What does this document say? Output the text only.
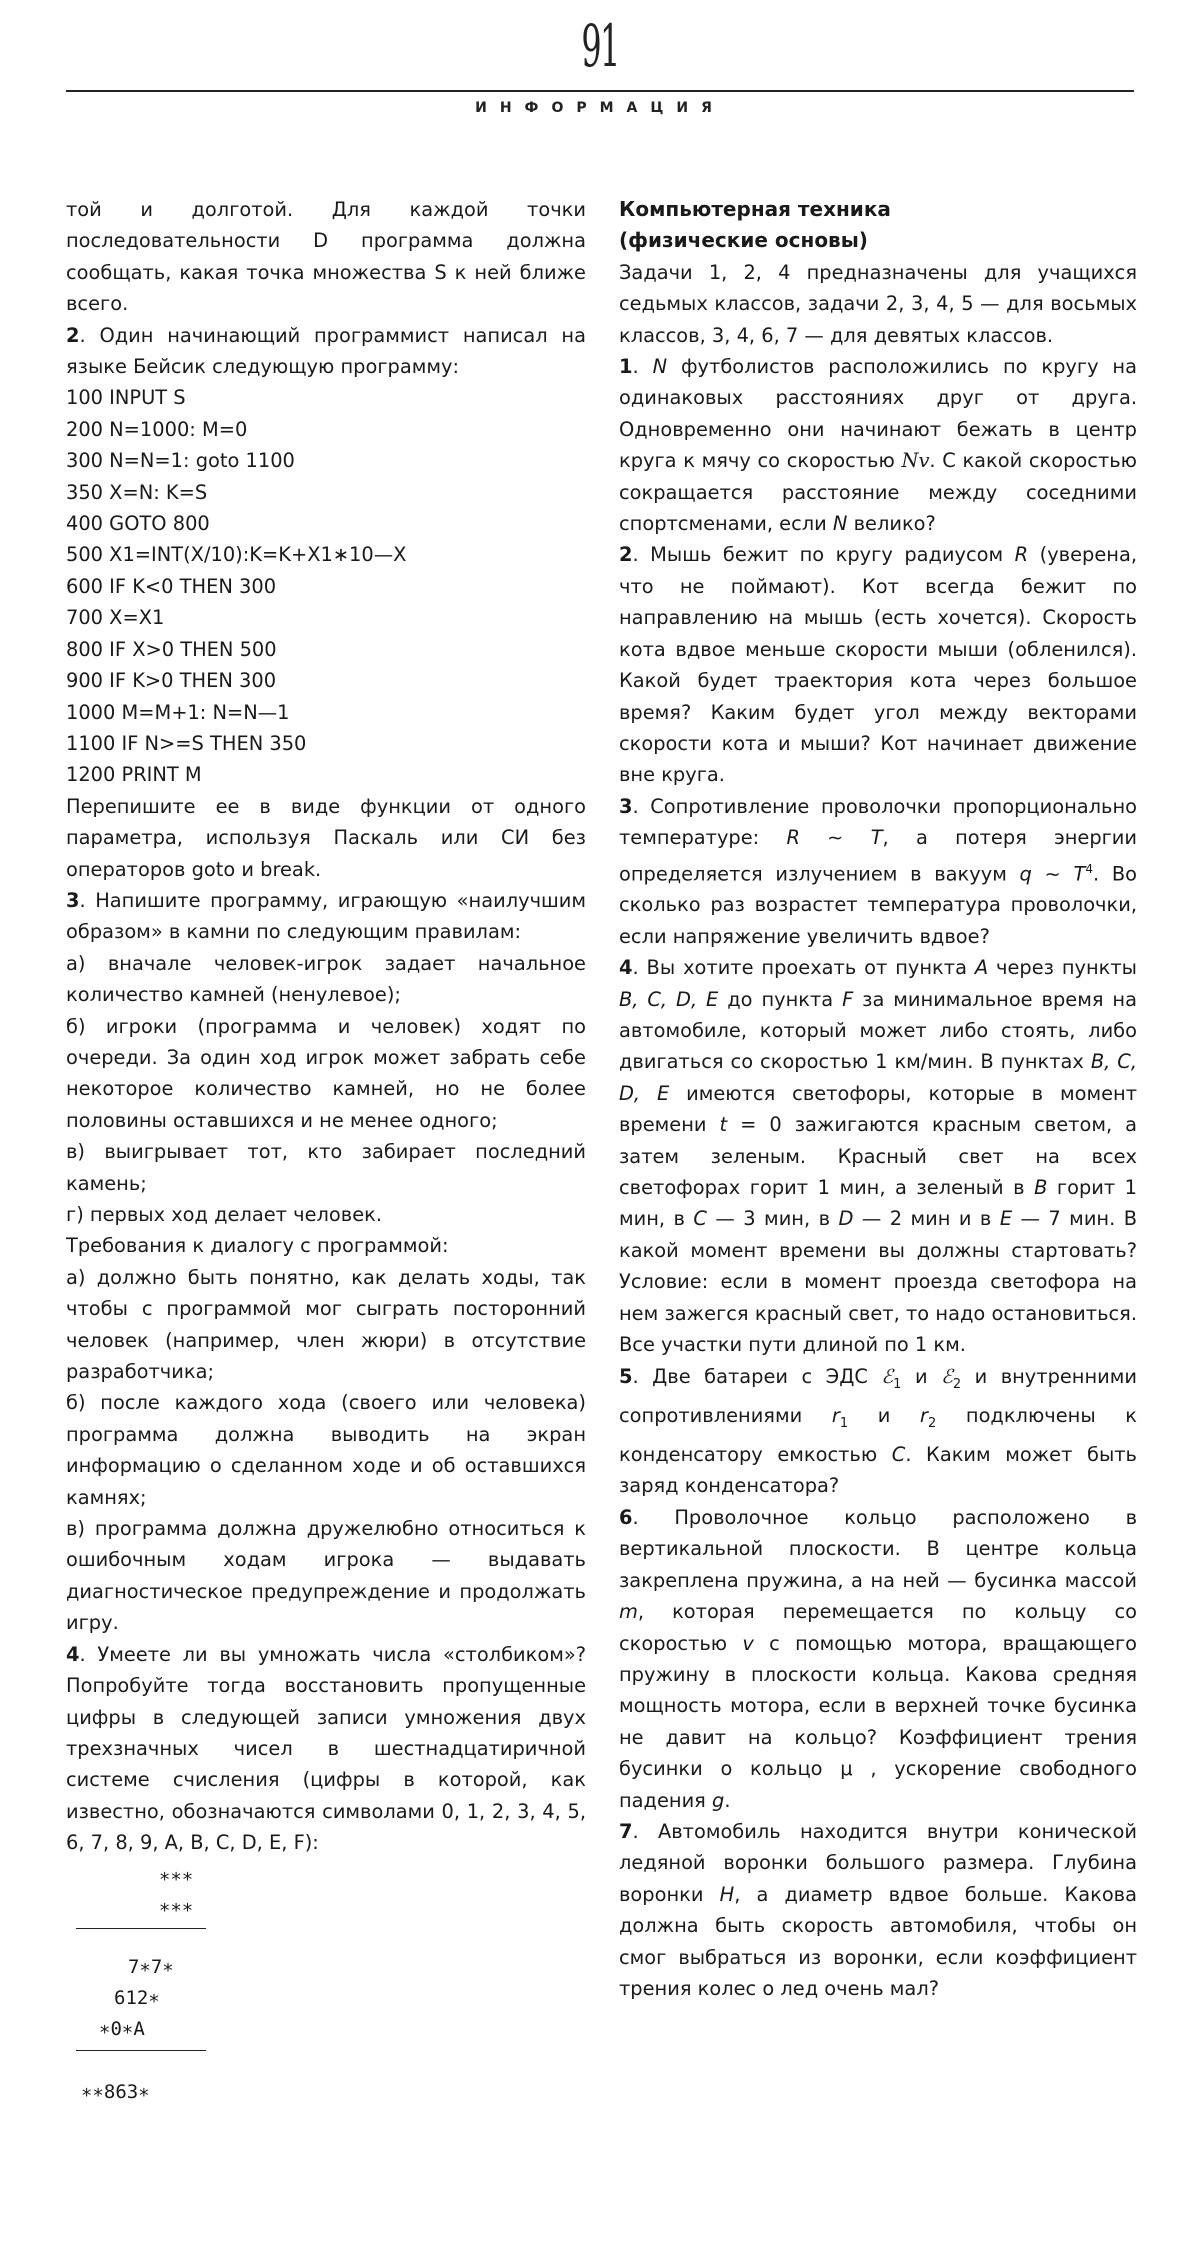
91
ИНФОРМАЦИЯ

той и долготой. Для каждой точки последовательности D программа должна сообщать, какая точка множества S к ней ближе всего.

2. Один начинающий программист написал на языке Бейсик следующую программу:

100 INPUT S

200 N=1000: M=0

300 N=N=1: goto 1100

350 X=N: K=S

400 GOTO 800

500 X1=INT(X/10):K=K+X1∗10—X

600 IF K<0 THEN 300

700 X=X1

800 IF X>0 THEN 500

900 IF K>0 THEN 300

1000 M=M+1: N=N—1

1100 IF N>=S THEN 350

1200 PRINT M

Перепишите ее в виде функции от одного параметра, используя Паскаль или СИ без операторов goto и break.

3. Напишите программу, играющую «наилучшим образом» в камни по следующим правилам:

а) вначале человек-игрок задает начальное количество камней (ненулевое);

б) игроки (программа и человек) ходят по очереди. За один ход игрок может забрать себе некоторое количество камней, но не более половины оставшихся и не менее одного;

в) выигрывает тот, кто забирает последний камень;

г) первых ход делает человек.

Требования к диалогу с программой:

а) должно быть понятно, как делать ходы, так чтобы с программой мог сыграть посторонний человек (например, член жюри) в отсутствие разработчика;

б) после каждого хода (своего или человека) программа должна выводить на экран информацию о сделанном ходе и об оставшихся камнях;

в) программа должна дружелюбно относиться к ошибочным ходам игрока — выдавать диагностическое предупреждение и продолжать игру.

4. Умеете ли вы умножать числа «столбиком»? Попробуйте тогда восстановить пропущенные цифры в следующей записи умножения двух трехзначных чисел в шестнадцатиричной системе счисления (цифры в которой, как известно, обозначаются символами 0, 1, 2, 3, 4, 5, 6, 7, 8, 9, A, B, C, D, E, F):

∗∗∗
∗∗∗
7∗7∗
612∗
∗0∗A
∗∗863∗

Компьютерная техника

(физические основы)

Задачи 1, 2, 4 предназначены для учащихся седьмых классов, задачи 2, 3, 4, 5 — для восьмых классов, 3, 4, 6, 7 — для девятых классов.

1. N футболистов расположились по кругу на одинаковых расстояниях друг от друга. Одновременно они начинают бежать в центр круга к мячу со скоростью Nv. С какой скоростью сокращается расстояние между соседними спортсменами, если N велико?

2. Мышь бежит по кругу радиусом R (уверена, что не поймают). Кот всегда бежит по направлению на мышь (есть хочется). Скорость кота вдвое меньше скорости мыши (обленился). Какой будет траектория кота через большое время? Каким будет угол между векторами скорости кота и мыши? Кот начинает движение вне круга.

3. Сопротивление проволочки пропорционально температуре: R ∼ T, а потеря энергии определяется излучением в вакуум q ∼ $T^4$. Во сколько раз возрастет температура проволочки, если напряжение увеличить вдвое?

4. Вы хотите проехать от пункта A через пункты B, C, D, E до пункта F за минимальное время на автомобиле, который может либо стоять, либо двигаться со скоростью 1 км/мин. В пунктах B, C, D, E имеются светофоры, которые в момент времени t = 0 зажигаются красным светом, а затем зеленым. Красный свет на всех светофорах горит 1 мин, а зеленый в B горит 1 мин, в C — 3 мин, в D — 2 мин и в E — 7 мин. В какой момент времени вы должны стартовать? Условие: если в момент проезда светофора на нем зажегся красный свет, то надо остановиться. Все участки пути длиной по 1 км.

5. Две батареи с ЭДС ℰ$_1$ и ℰ$_2$ и внутренними сопротивлениями $r_1$ и $r_2$ подключены к конденсатору емкостью C. Каким может быть заряд конденсатора?

6. Проволочное кольцо расположено в вертикальной плоскости. В центре кольца закреплена пружина, а на ней — бусинка массой m, которая перемещается по кольцу со скоростью v с помощью мотора, вращающего пружину в плоскости кольца. Какова средняя мощность мотора, если в верхней точке бусинка не давит на кольцо? Коэффициент трения бусинки о кольцо μ , ускорение свободного падения g.

7. Автомобиль находится внутри конической ледяной воронки большого размера. Глубина воронки H, а диаметр вдвое больше. Какова должна быть скорость автомобиля, чтобы он смог выбраться из воронки, если коэффициент трения колес о лед очень мал?
